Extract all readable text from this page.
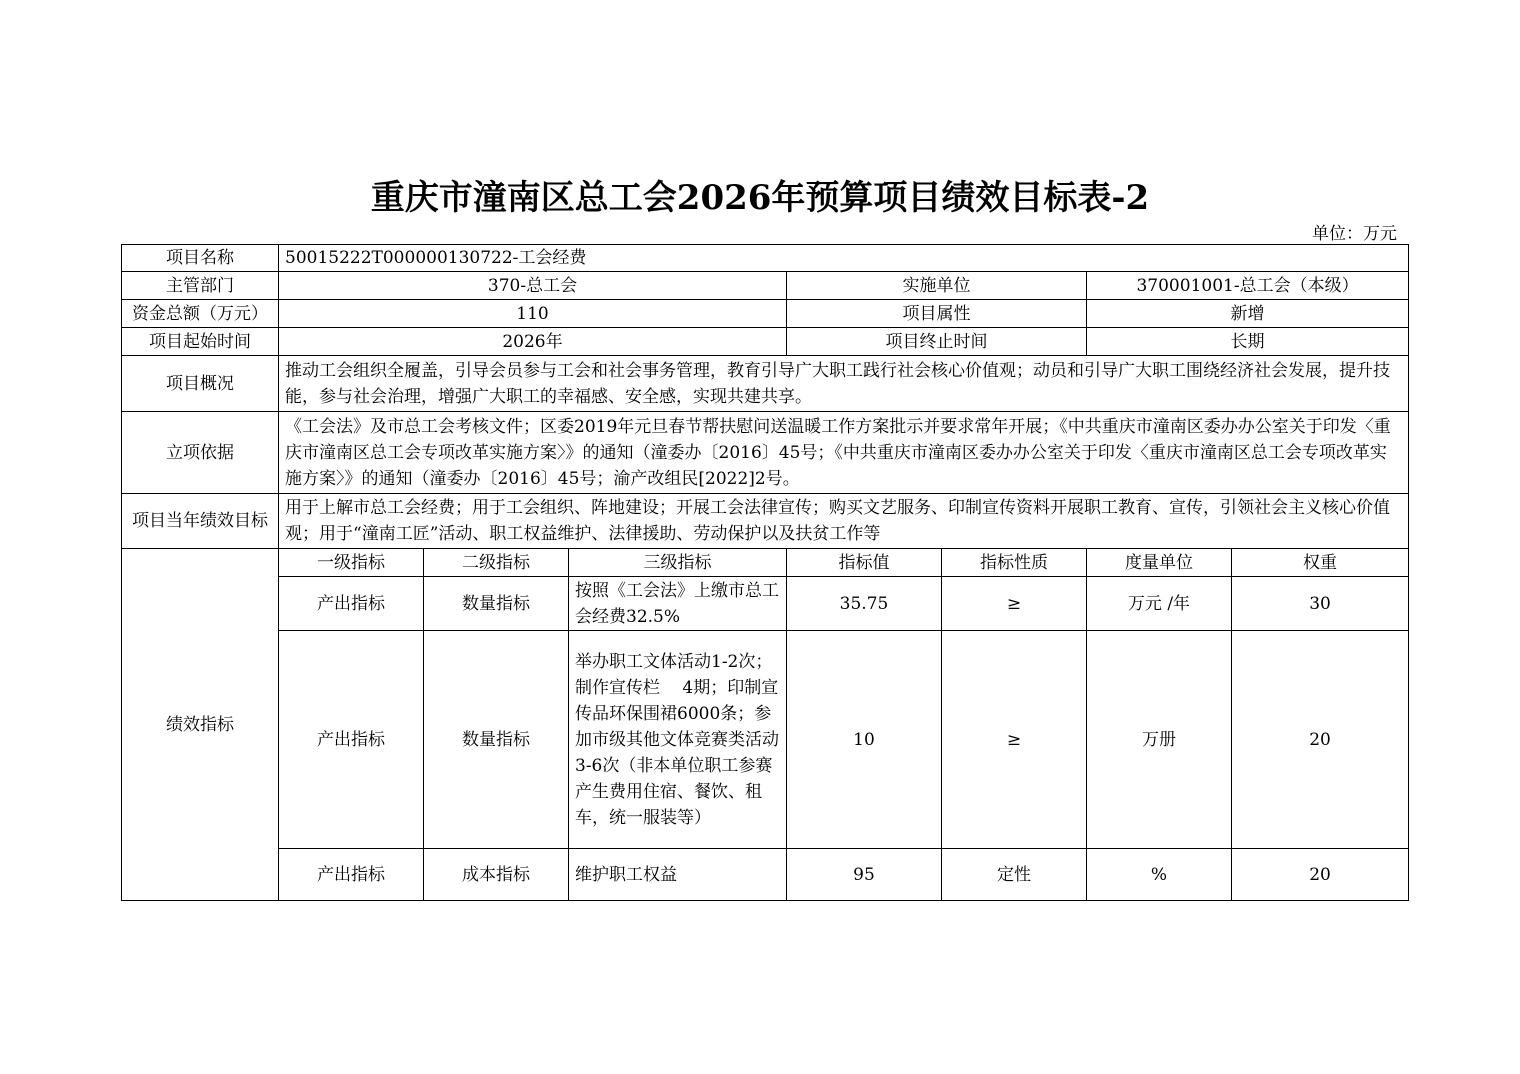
重庆市潼南区总工会2026年预算项目绩效目标表-2
单位：万元
项目名称	50015222T000000130722-工会经费						
主管部门	370-总工会			实施单位		370001001-总工会（本级）	
资金总额（万元）	110			项目属性		新增	
项目起始时间	2026年			项目终止时间		长期	
项目概况	推动工会组织全履盖，引导会员参与工会和社会事务管理，教育引导广大职工践行社会核心价值观；动员和引导广大职工围绕经济社会发展，提升技能，参与社会治理，增强广大职工的幸福感、安全感，实现共建共享。						
立项依据	《工会法》及市总工会考核文件；区委2019年元旦春节帮扶慰问送温暖工作方案批示并要求常年开展；《中共重庆市潼南区委办办公室关于印发〈重庆市潼南区总工会专项改革实施方案〉》的通知（潼委办〔2016〕45号；《中共重庆市潼南区委办办公室关于印发〈重庆市潼南区总工会专项改革实施方案〉》的通知（潼委办〔2016〕45号；渝产改组民[2022]2号。						
项目当年绩效目标	用于上解市总工会经费；用于工会组织、阵地建设；开展工会法律宣传；购买文艺服务、印制宣传资料开展职工教育、宣传，引领社会主义核心价值观；用于“潼南工匠”活动、职工权益维护、法律援助、劳动保护以及扶贫工作等						
绩效指标	一级指标	二级指标	三级指标	指标值	指标性质	度量单位	权重
	产出指标	数量指标	按照《工会法》上缴市总工会经费32.5%	35.75	≥	万元 /年	30
	产出指标	数量指标	举办职工文体活动1-2次；制作宣传栏　 4期；印制宣传品环保围裙6000条；参加市级其他文体竞赛类活动3-6次（非本单位职工参赛产生费用住宿、餐饮、租车，统一服装等）	10	≥	万册	20
	产出指标	成本指标	维护职工权益	95	定性	%	20
